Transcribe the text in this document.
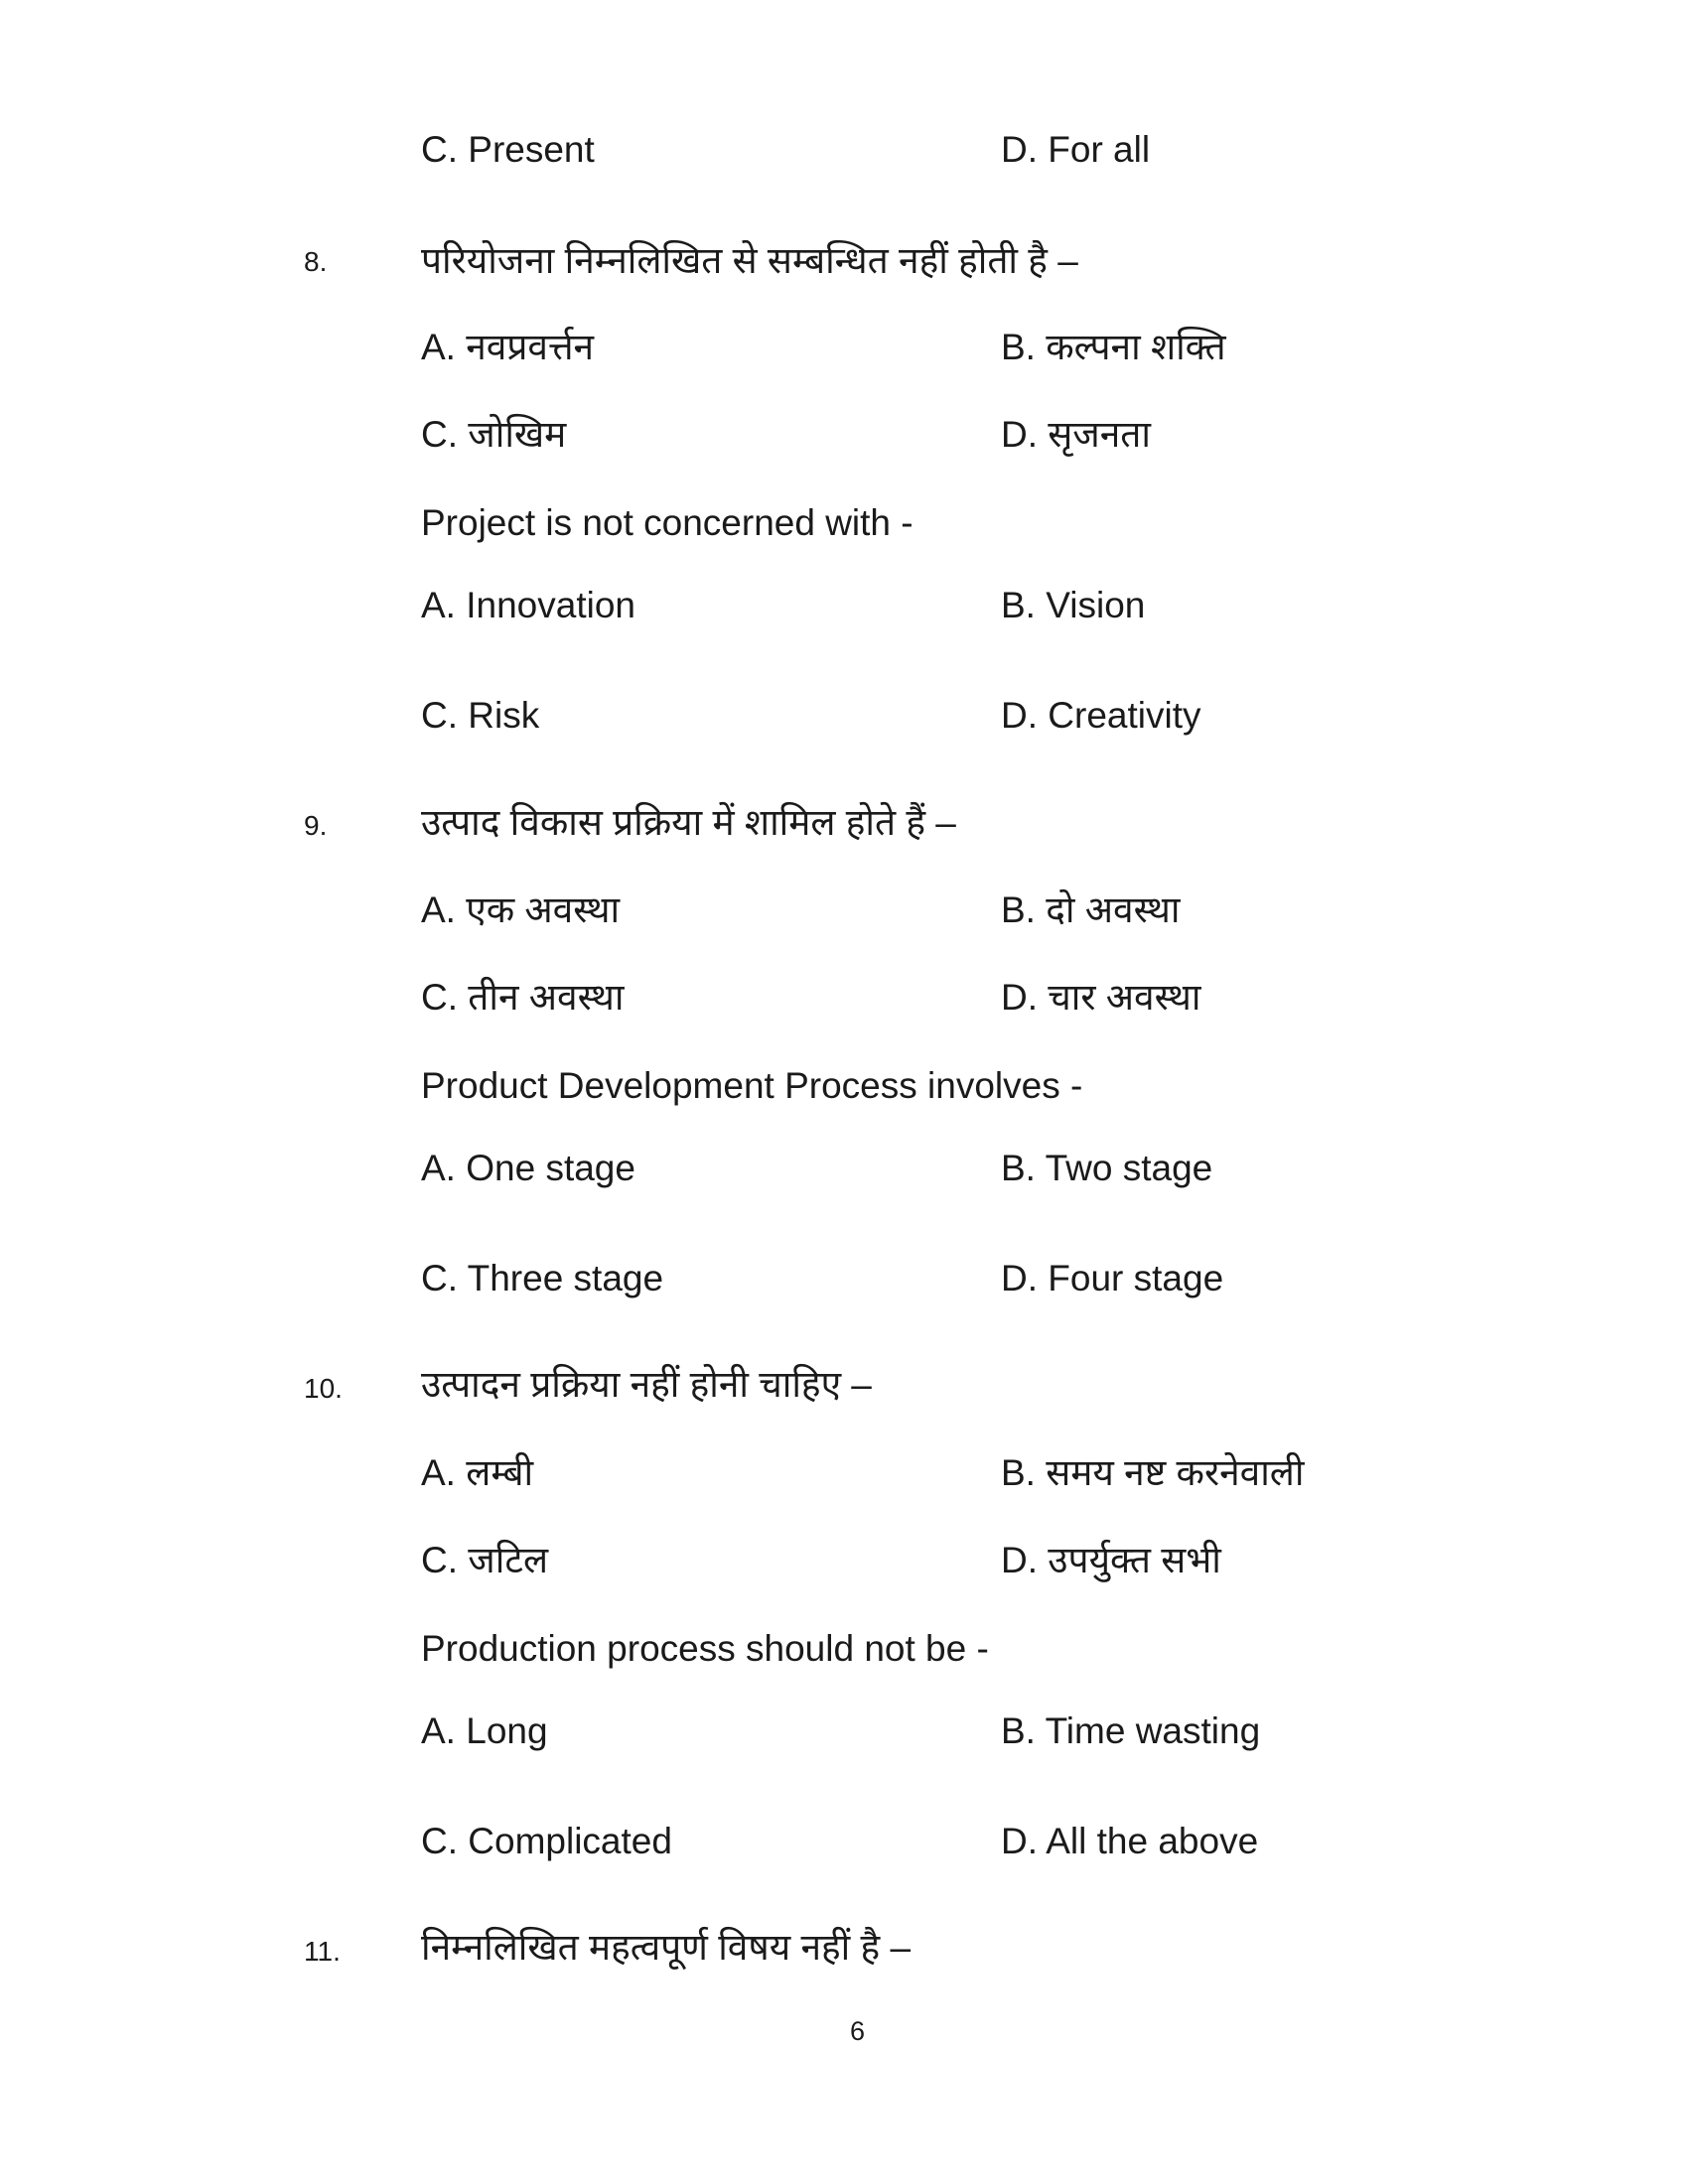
C. Present	D. For all
8.	परियोजना निम्नलिखित से सम्बन्धित नहीं होती है –
A. नवप्रवर्त्तन	B. कल्पना शक्ति
C. जोखिम	D. सृजनता
Project is not concerned with -
A. Innovation	B. Vision
C. Risk	D. Creativity
9.	उत्पाद विकास प्रक्रिया में शामिल होते हैं –
A. एक अवस्था	B. दो अवस्था
C. तीन अवस्था	D. चार अवस्था
Product Development Process involves -
A. One stage	B. Two stage
C. Three stage	D. Four stage
10. उत्पादन प्रक्रिया नहीं होनी चाहिए –
A. लम्बी	B. समय नष्ट करनेवाली
C. जटिल	D. उपर्युक्त सभी
Production process should not be -
A. Long	B. Time wasting
C. Complicated	D. All the above
11. निम्नलिखित महत्वपूर्ण विषय नहीं है –
6
